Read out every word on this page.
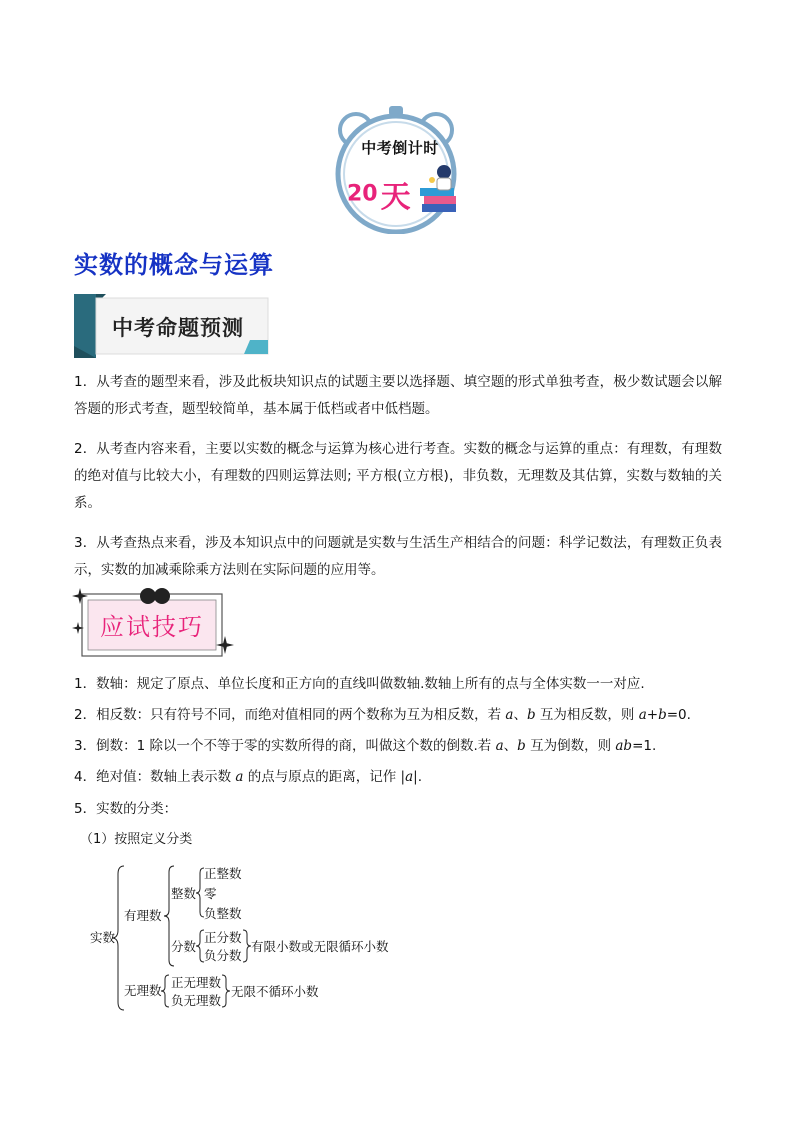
中考倒计时
20 天
实数的概念与运算
中考命题预测
1．从考查的题型来看，涉及此板块知识点的试题主要以选择题、填空题的形式单独考查，极少数试题会以解答题的形式考查，题型较简单，基本属于低档或者中低档题。
2．从考查内容来看，主要以实数的概念与运算为核心进行考查。实数的概念与运算的重点：有理数，有理数的绝对值与比较大小，有理数的四则运算法则; 平方根(立方根)，非负数，无理数及其估算，实数与数轴的关系。
3．从考查热点来看，涉及本知识点中的问题就是实数与生活生产相结合的问题：科学记数法，有理数正负表示，实数的加减乘除乘方法则在实际问题的应用等。
应试技巧
1．数轴：规定了原点、单位长度和正方向的直线叫做数轴.数轴上所有的点与全体实数一一对应.
2．相反数：只有符号不同，而绝对值相同的两个数称为互为相反数，若 a、b 互为相反数，则 a+b=0.
3．倒数：1 除以一个不等于零的实数所得的商，叫做这个数的倒数.若 a、b 互为倒数，则 ab=1.
4．绝对值：数轴上表示数 a 的点与原点的距离，记作 |a|.
5．实数的分类：
（1）按照定义分类
实数
有理数
无理数
整数
正整数
零
负整数
分数
正分数
负分数
有限小数或无限循环小数
正无理数
负无理数
无限不循环小数
